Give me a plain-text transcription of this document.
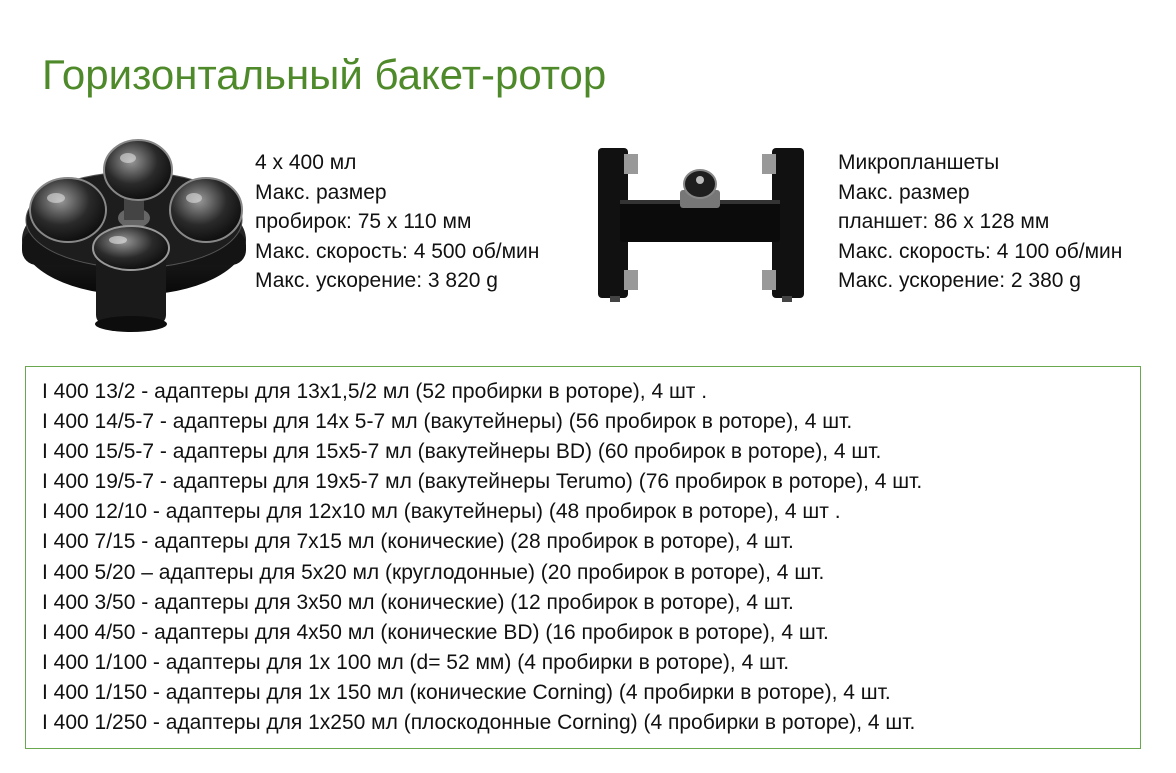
Горизонтальный бакет-ротор
4 x 400 мл
Макс. размер
пробирок: 75 x 110 мм
Макс. скорость: 4 500 об/мин
Макс. ускорение: 3 820 g
Микропланшеты
Макс. размер
планшет: 86 x 128 мм
Макс. скорость: 4 100 об/мин
Макс. ускорение: 2 380 g
I 400 13/2 - адаптеры для 13x1,5/2 мл (52 пробирки в роторе), 4 шт .
I 400 14/5-7 - адаптеры для 14x 5-7 мл (вакутейнеры) (56 пробирок в роторе), 4 шт.
I 400 15/5-7 - адаптеры для 15x5-7 мл (вакутейнеры BD) (60 пробирок в роторе), 4 шт.
I 400 19/5-7 - адаптеры для 19x5-7 мл (вакутейнеры Terumo) (76 пробирок в роторе), 4 шт.
I 400 12/10 - адаптеры для 12x10 мл (вакутейнеры) (48 пробирок в роторе), 4 шт .
I 400 7/15 - адаптеры для 7x15 мл (конические) (28 пробирок в роторе), 4 шт.
I 400 5/20 – адаптеры для 5x20 мл (круглодонные) (20 пробирок в роторе), 4 шт.
I 400 3/50 - адаптеры для 3x50 мл (конические) (12 пробирок в роторе), 4 шт.
I 400 4/50 - адаптеры для 4x50 мл (конические BD) (16 пробирок в роторе), 4 шт.
I 400 1/100 - адаптеры для 1x 100 мл (d= 52 мм) (4 пробирки в роторе), 4 шт.
I 400 1/150 - адаптеры для 1x 150 мл (конические Corning) (4 пробирки в роторе), 4 шт.
I 400 1/250 - адаптеры для 1x250 мл (плоскодонные Corning) (4 пробирки в роторе), 4 шт.
